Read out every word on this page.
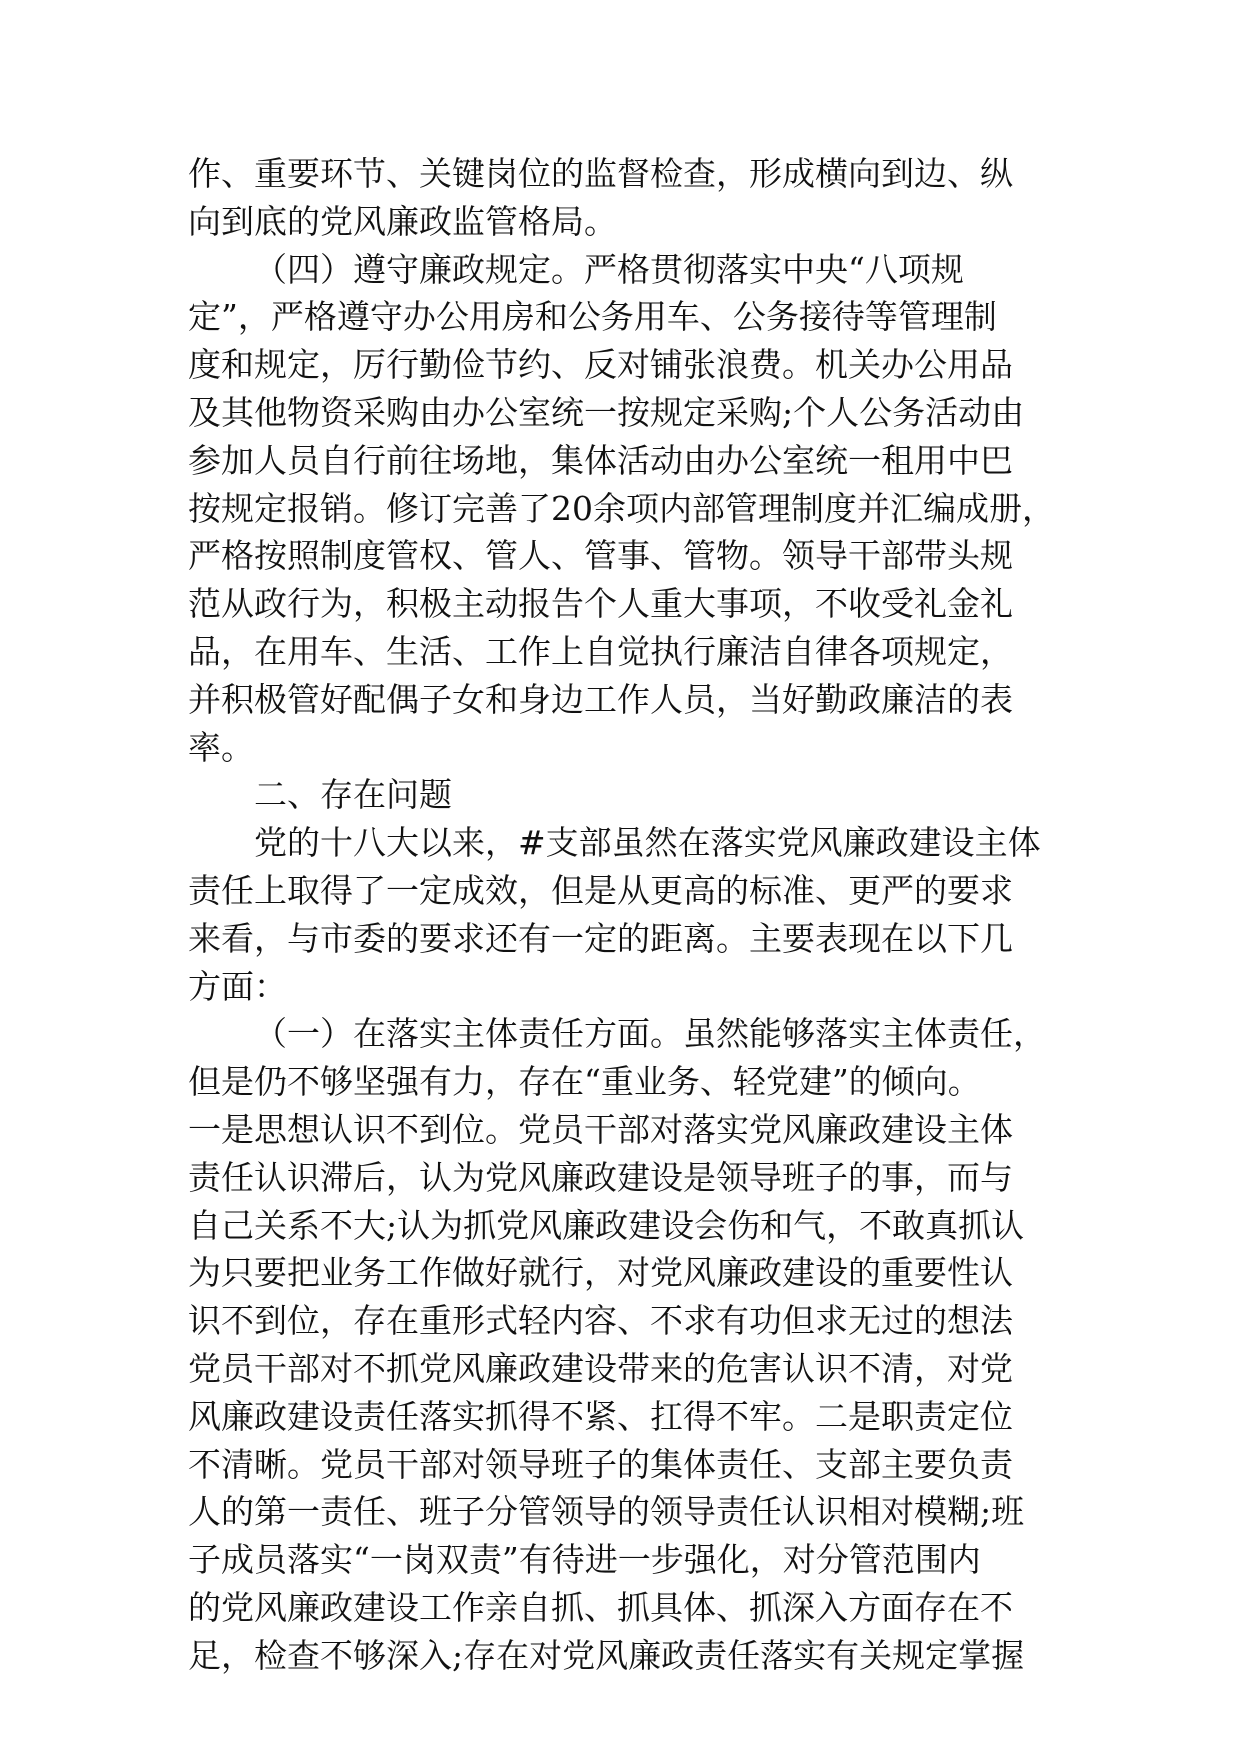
作、重要环节、关键岗位的监督检查，形成横向到边、纵
向到底的党风廉政监管格局。
（四）遵守廉政规定。严格贯彻落实中央“八项规
定”，严格遵守办公用房和公务用车、公务接待等管理制
度和规定，厉行勤俭节约、反对铺张浪费。机关办公用品
及其他物资采购由办公室统一按规定采购;个人公务活动由
参加人员自行前往场地，集体活动由办公室统一租用中巴
按规定报销。修订完善了20余项内部管理制度并汇编成册，
严格按照制度管权、管人、管事、管物。领导干部带头规
范从政行为，积极主动报告个人重大事项，不收受礼金礼
品，在用车、生活、工作上自觉执行廉洁自律各项规定，
并积极管好配偶子女和身边工作人员，当好勤政廉洁的表
率。
二、存在问题
党的十八大以来，#支部虽然在落实党风廉政建设主体
责任上取得了一定成效，但是从更高的标准、更严的要求
来看，与市委的要求还有一定的距离。主要表现在以下几
方面：
（一）在落实主体责任方面。虽然能够落实主体责任，
但是仍不够坚强有力，存在“重业务、轻党建”的倾向。
一是思想认识不到位。党员干部对落实党风廉政建设主体
责任认识滞后，认为党风廉政建设是领导班子的事，而与
自己关系不大;认为抓党风廉政建设会伤和气，不敢真抓认
为只要把业务工作做好就行，对党风廉政建设的重要性认
识不到位，存在重形式轻内容、不求有功但求无过的想法
党员干部对不抓党风廉政建设带来的危害认识不清，对党
风廉政建设责任落实抓得不紧、扛得不牢。二是职责定位
不清晰。党员干部对领导班子的集体责任、支部主要负责
人的第一责任、班子分管领导的领导责任认识相对模糊;班
子成员落实“一岗双责”有待进一步强化，对分管范围内
的党风廉政建设工作亲自抓、抓具体、抓深入方面存在不
足，检查不够深入;存在对党风廉政责任落实有关规定掌握
